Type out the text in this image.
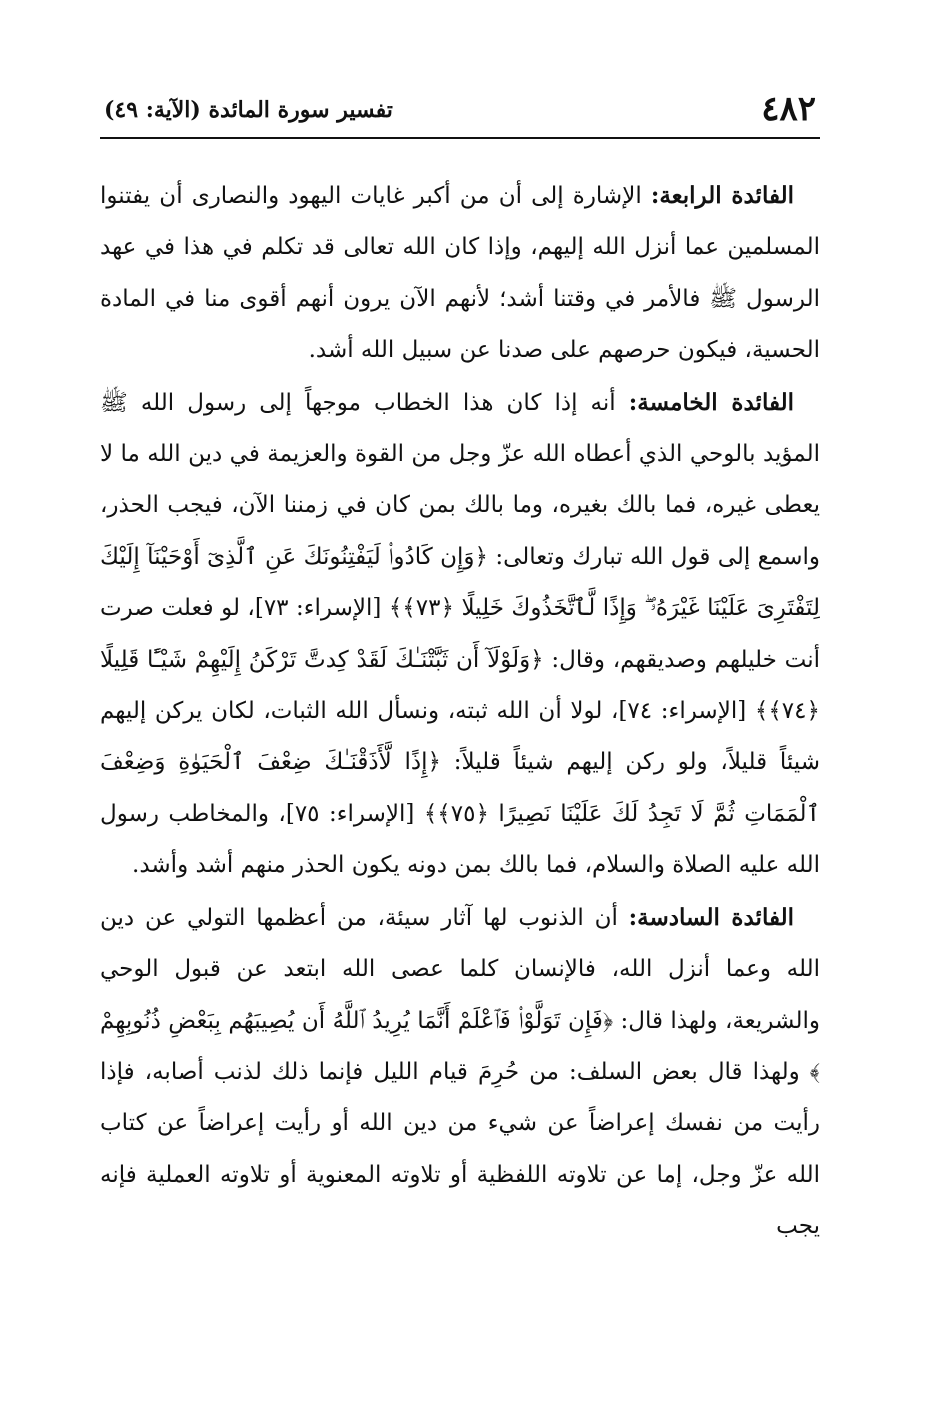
٤٨٢
تفسير سورة المائدة (الآية: ٤٩)

الفائدة الرابعة: الإشارة إلى أن من أكبر غايات اليهود والنصارى أن يفتنوا المسلمين عما أنزل الله إليهم، وإذا كان الله تعالى قد تكلم في هذا في عهد الرسول ﷺ فالأمر في وقتنا أشد؛ لأنهم الآن يرون أنهم أقوى منا في المادة الحسية، فيكون حرصهم على صدنا عن سبيل الله أشد.

الفائدة الخامسة: أنه إذا كان هذا الخطاب موجهاً إلى رسول الله ﷺ المؤيد بالوحي الذي أعطاه الله عزّ وجل من القوة والعزيمة في دين الله ما لا يعطى غيره، فما بالك بغيره، وما بالك بمن كان في زمننا الآن، فيجب الحذر، واسمع إلى قول الله تبارك وتعالى: ﴿وَإِن كَادُوا۟ لَيَفْتِنُونَكَ عَنِ ٱلَّذِىٓ أَوْحَيْنَآ إِلَيْكَ لِتَفْتَرِىَ عَلَيْنَا غَيْرَهُۥ ۖ وَإِذًا لَّٱتَّخَذُوكَ خَلِيلًا ﴿٧٣﴾﴾ [الإسراء: ٧٣]، لو فعلت صرت أنت خليلهم وصديقهم، وقال: ﴿وَلَوْلَآ أَن ثَبَّتْنَـٰكَ لَقَدْ كِدتَّ تَرْكَنُ إِلَيْهِمْ شَيْـًٔا قَلِيلًا ﴿٧٤﴾﴾ [الإسراء: ٧٤]، لولا أن الله ثبته، ونسأل الله الثبات، لكان يركن إليهم شيئاً قليلاً، ولو ركن إليهم شيئاً قليلاً: ﴿إِذًا لَّأَذَقْنَـٰكَ ضِعْفَ ٱلْحَيَوٰةِ وَضِعْفَ ٱلْمَمَاتِ ثُمَّ لَا تَجِدُ لَكَ عَلَيْنَا نَصِيرًا ﴿٧٥﴾﴾ [الإسراء: ٧٥]، والمخاطب رسول الله عليه الصلاة والسلام، فما بالك بمن دونه يكون الحذر منهم أشد وأشد.

الفائدة السادسة: أن الذنوب لها آثار سيئة، من أعظمها التولي عن دين الله وعما أنزل الله، فالإنسان كلما عصى الله ابتعد عن قبول الوحي والشريعة، ولهذا قال: ﴿فَإِن تَوَلَّوْا۟ فَٱعْلَمْ أَنَّمَا يُرِيدُ ٱللَّهُ أَن يُصِيبَهُم بِبَعْضِ ذُنُوبِهِمْ ۗ﴾ ولهذا قال بعض السلف: من حُرِمَ قيام الليل فإنما ذلك لذنب أصابه، فإذا رأيت من نفسك إعراضاً عن شيء من دين الله أو رأيت إعراضاً عن كتاب الله عزّ وجل، إما عن تلاوته اللفظية أو تلاوته المعنوية أو تلاوته العملية فإنه يجب
